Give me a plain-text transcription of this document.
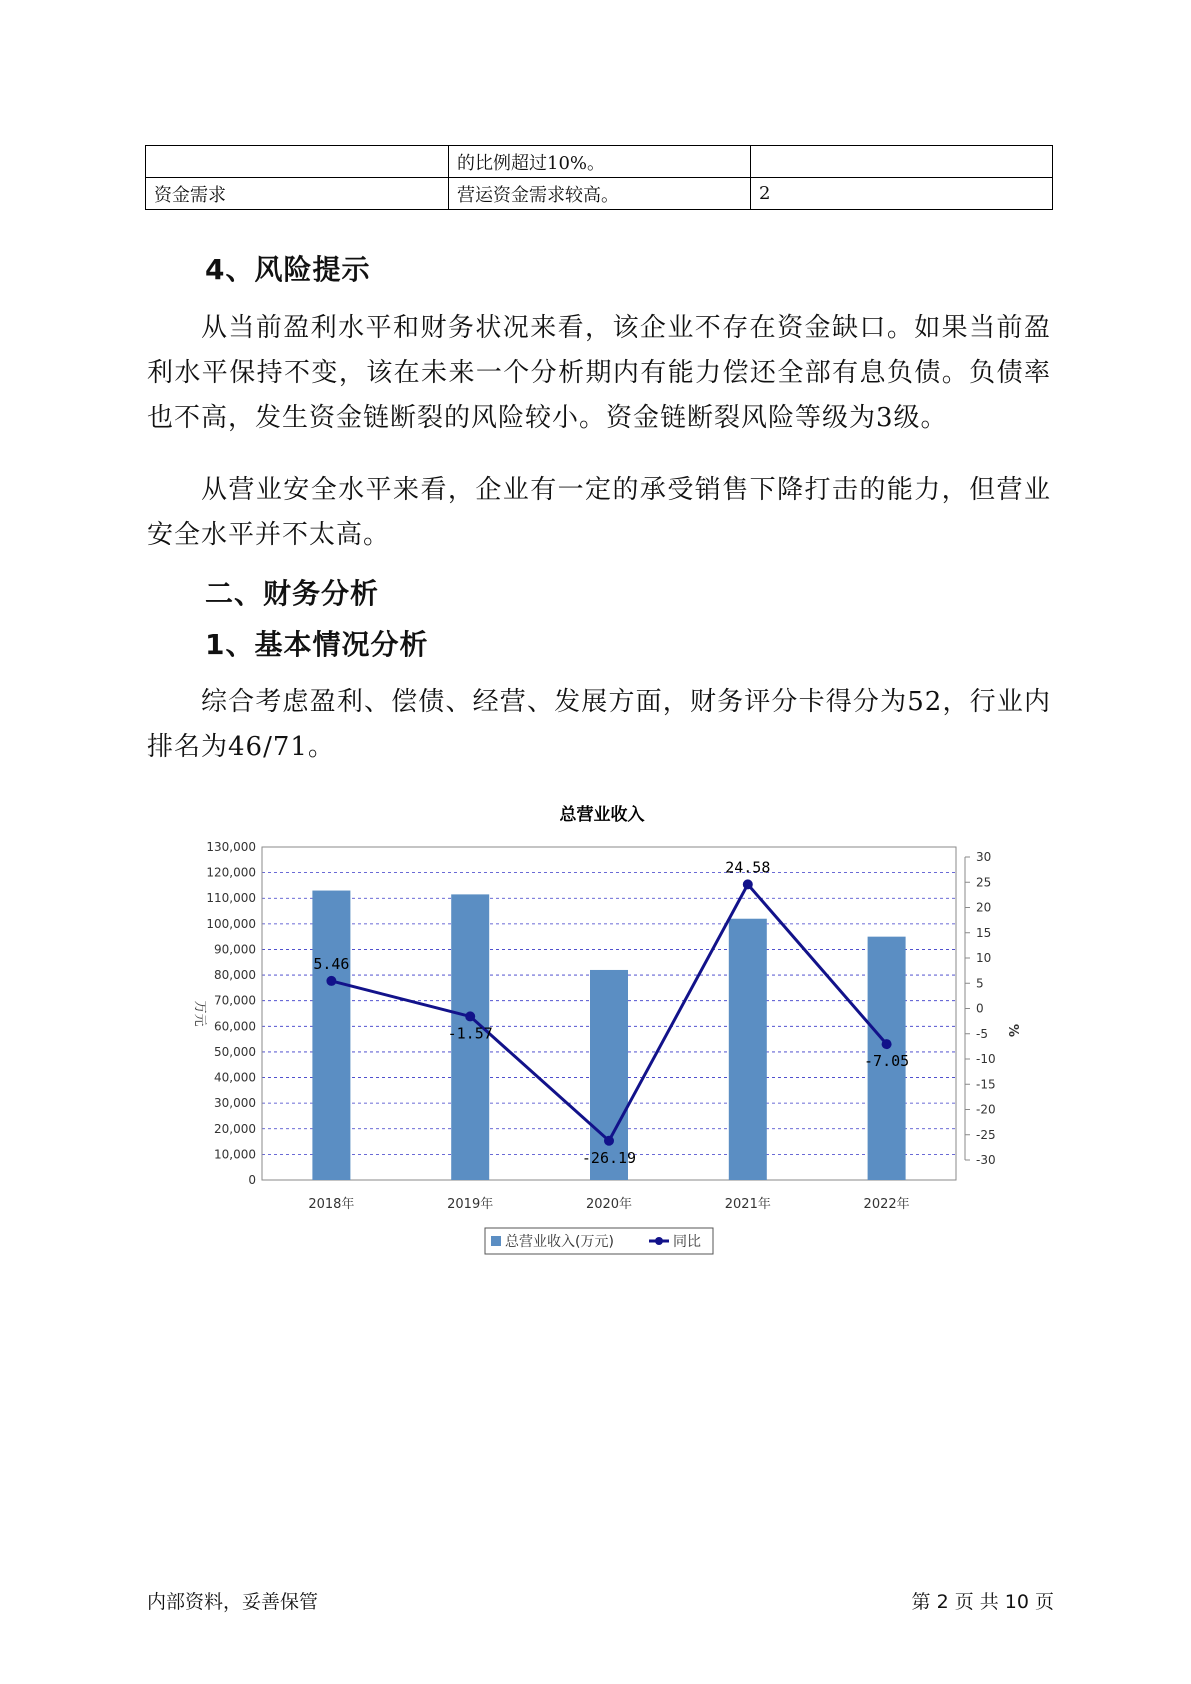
	的比例超过10%。	
资金需求	营运资金需求较高。	2
4、风险提示
从当前盈利水平和财务状况来看，该企业不存在资金缺口。如果当前盈利水平保持不变，该在未来一个分析期内有能力偿还全部有息负债。负债率也不高，发生资金链断裂的风险较小。资金链断裂风险等级为3级。
从营业安全水平来看，企业有一定的承受销售下降打击的能力，但营业安全水平并不太高。
二、财务分析
1、基本情况分析
综合考虑盈利、偿债、经营、发展方面，财务评分卡得分为52，行业内排名为46/71。
总营业收入
0
10,000
20,000
30,000
40,000
50,000
60,000
70,000
80,000
90,000
100,000
110,000
120,000
130,000
-30
-25
-20
-15
-10
-5
0
5
10
15
20
25
30
万元
%
2018年	2019年	2020年	2021年	2022年
5.46
-1.57
-26.19
24.58
-7.05
总营业收入(万元)	同比
内部资料，妥善保管	第 2 页 共 10 页
